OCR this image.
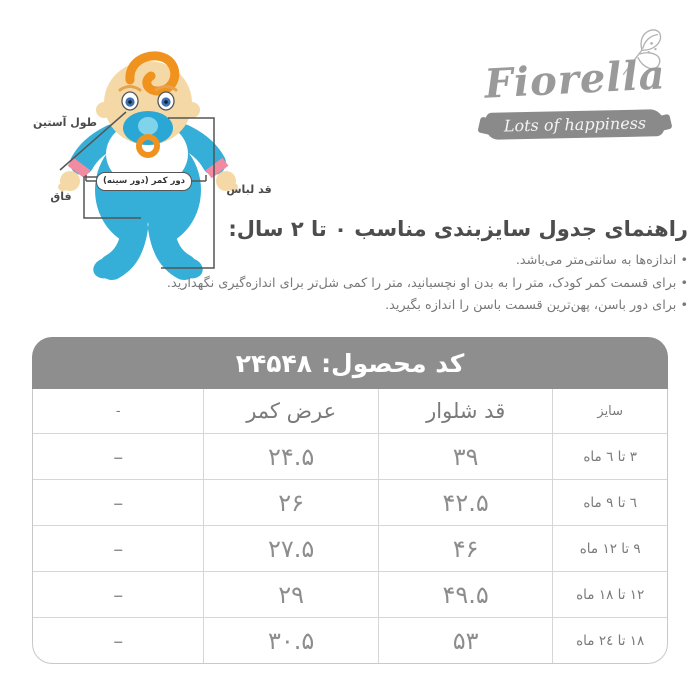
Fiorella
Lots of happiness
طول آستین
فاق
قد لباس
دور کمر (دور سینه)
راهنمای جدول سایزبندی مناسب ۰ تا ۲ سال:
• اندازه‌ها به سانتی‌متر می‌باشد.
• برای قسمت کمر کودک، متر را به بدن او نچسبانید، متر را کمی شل‌تر برای اندازه‌گیری نگهدارید.
• برای دور باسن، پهن‌ترین قسمت باسن را اندازه بگیرید.
کد محصول:
۲۴۵۴۸
سایز	قد شلوار	عرض کمر	-
۳ تا ٦ ماه	۳۹	۲۴.۵	–
٦ تا ٩ ماه	۴۲.۵	۲۶	–
٩ تا ۱۲ ماه	۴۶	۲۷.۵	–
۱۲ تا ۱۸ ماه	۴۹.۵	۲۹	–
۱۸ تا ۲٤ ماه	۵۳	۳۰.۵	–
